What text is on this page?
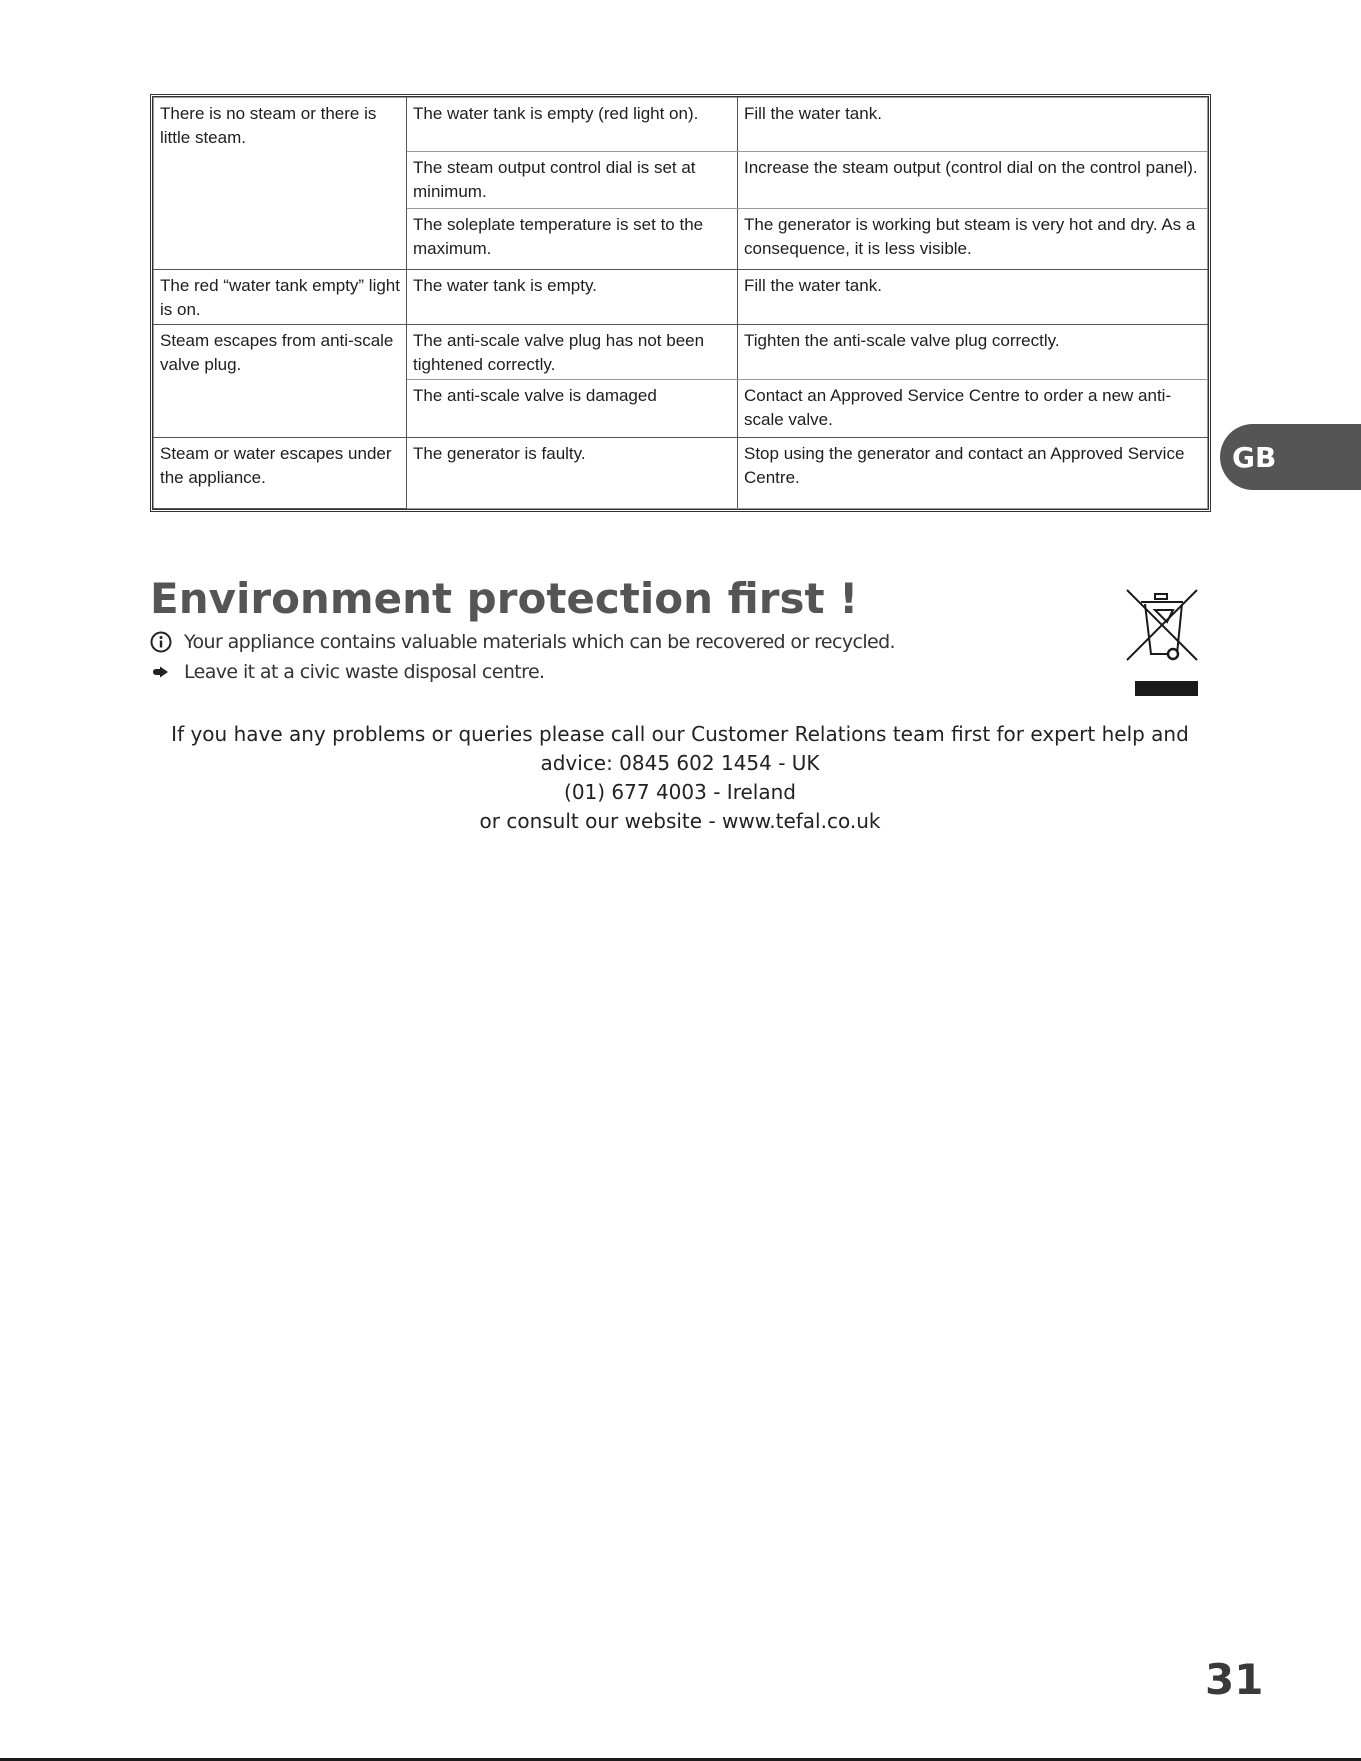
There is no steam or there is little steam.	The water tank is empty (red light on).	Fill the water tank.
	The steam output control dial is set at minimum.	Increase the steam output (control dial on the control panel).
	The soleplate temperature is set to the maximum.	The generator is working but steam is very hot and dry. As a consequence, it is less visible.
The red “water tank empty” light is on.	The water tank is empty.	Fill the water tank.
Steam escapes from anti-scale valve plug.	The anti-scale valve plug has not been tightened correctly.	Tighten the anti-scale valve plug correctly.
	The anti-scale valve is damaged	Contact an Approved Service Centre to order a new anti-scale valve.
Steam or water escapes under the appliance.	The generator is faulty.	Stop using the generator and contact an Approved Service Centre.
GB
Environment protection first !
Your appliance contains valuable materials which can be recovered or recycled.
Leave it at a civic waste disposal centre.
If you have any problems or queries please call our Customer Relations team first for expert help and
advice: 0845 602 1454 - UK
(01) 677 4003 - Ireland
or consult our website - www.tefal.co.uk
31
